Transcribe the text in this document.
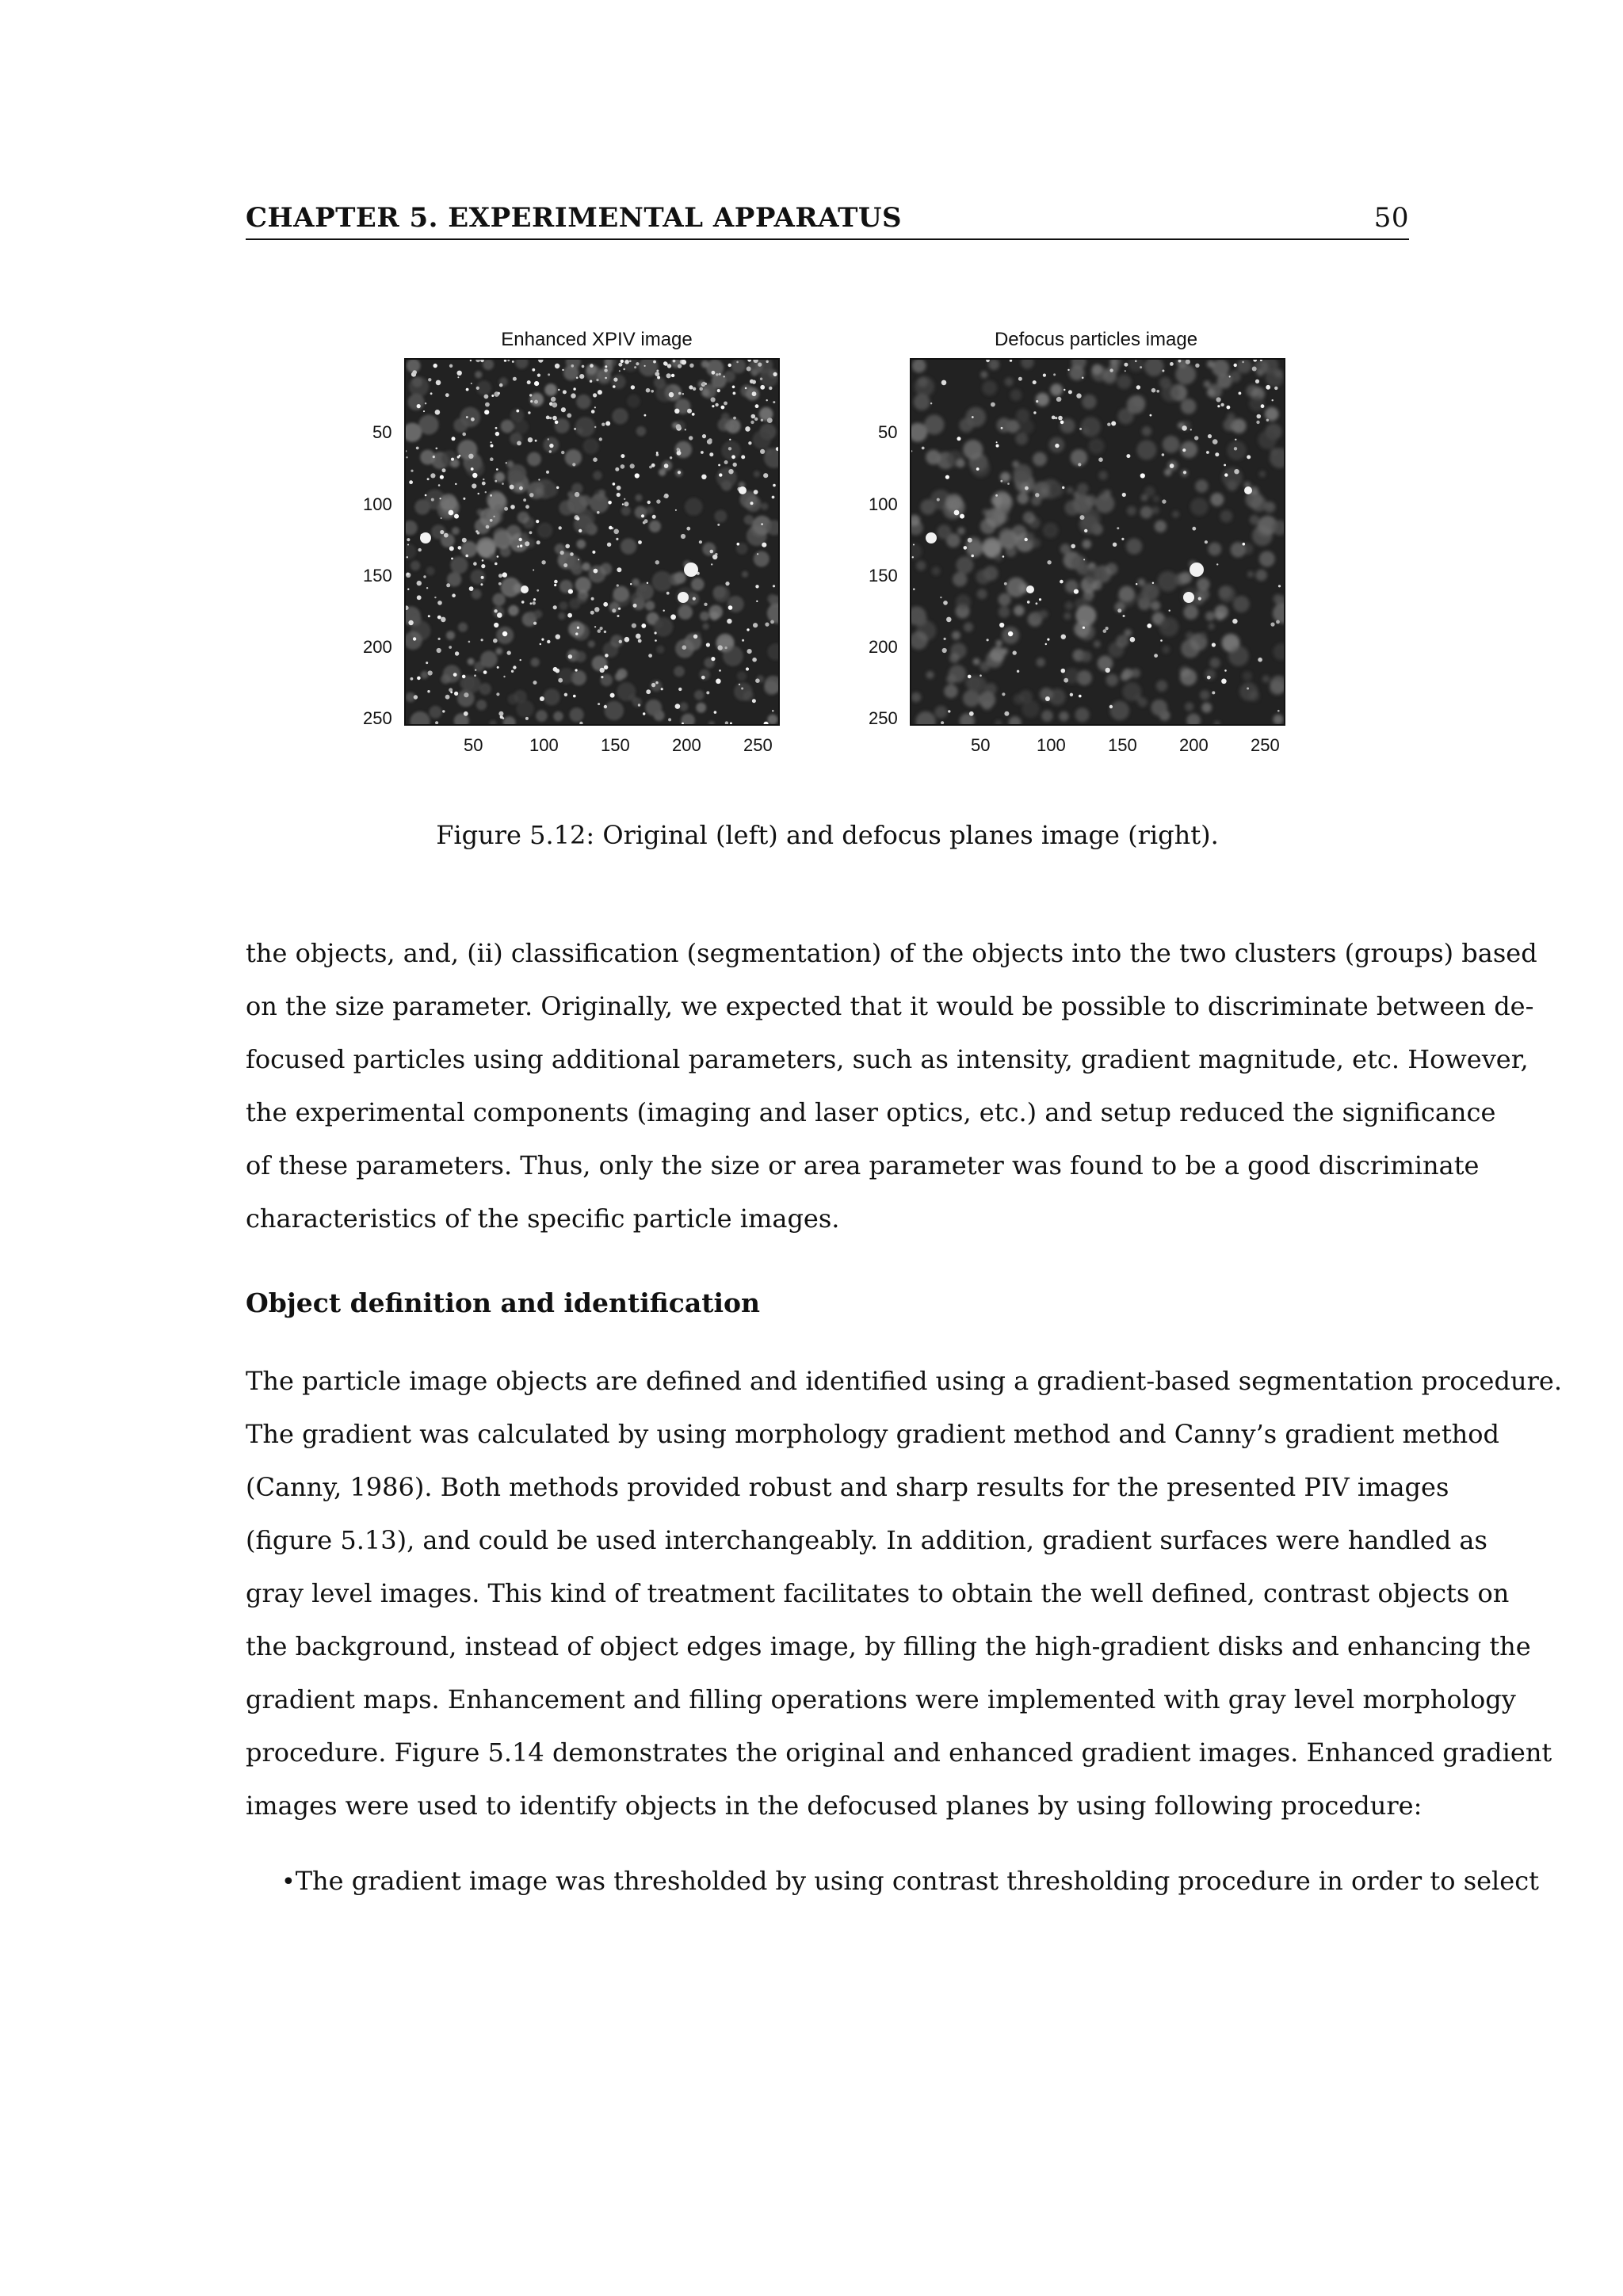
CHAPTER 5. EXPERIMENTAL APPARATUS	50
Enhanced XPIV image
50
100
150
200
250
50	100 150 200 250
Defocus particles image
50
100
150
200
250
50	100 150 200 250
Figure 5.12: Original (left) and defocus planes image (right).
the objects, and, (ii) classification (segmentation) of the objects into the two clusters (groups) based
on the size parameter. Originally, we expected that it would be possible to discriminate between de-
focused particles using additional parameters, such as intensity, gradient magnitude, etc. However,
the experimental components (imaging and laser optics, etc.) and setup reduced the significance
of these parameters. Thus, only the size or area parameter was found to be a good discriminate
characteristics of the specific particle images.
Object definition and identification
The particle image objects are defined and identified using a gradient-based segmentation procedure.
The gradient was calculated by using morphology gradient method and Canny’s gradient method
(Canny, 1986). Both methods provided robust and sharp results for the presented PIV images
(figure 5.13), and could be used interchangeably. In addition, gradient surfaces were handled as
gray level images. This kind of treatment facilitates to obtain the well defined, contrast objects on
the background, instead of object edges image, by filling the high-gradient disks and enhancing the
gradient maps. Enhancement and filling operations were implemented with gray level morphology
procedure. Figure 5.14 demonstrates the original and enhanced gradient images. Enhanced gradient
images were used to identify objects in the defocused planes by using following procedure:
• The gradient image was thresholded by using contrast thresholding procedure in order to select
